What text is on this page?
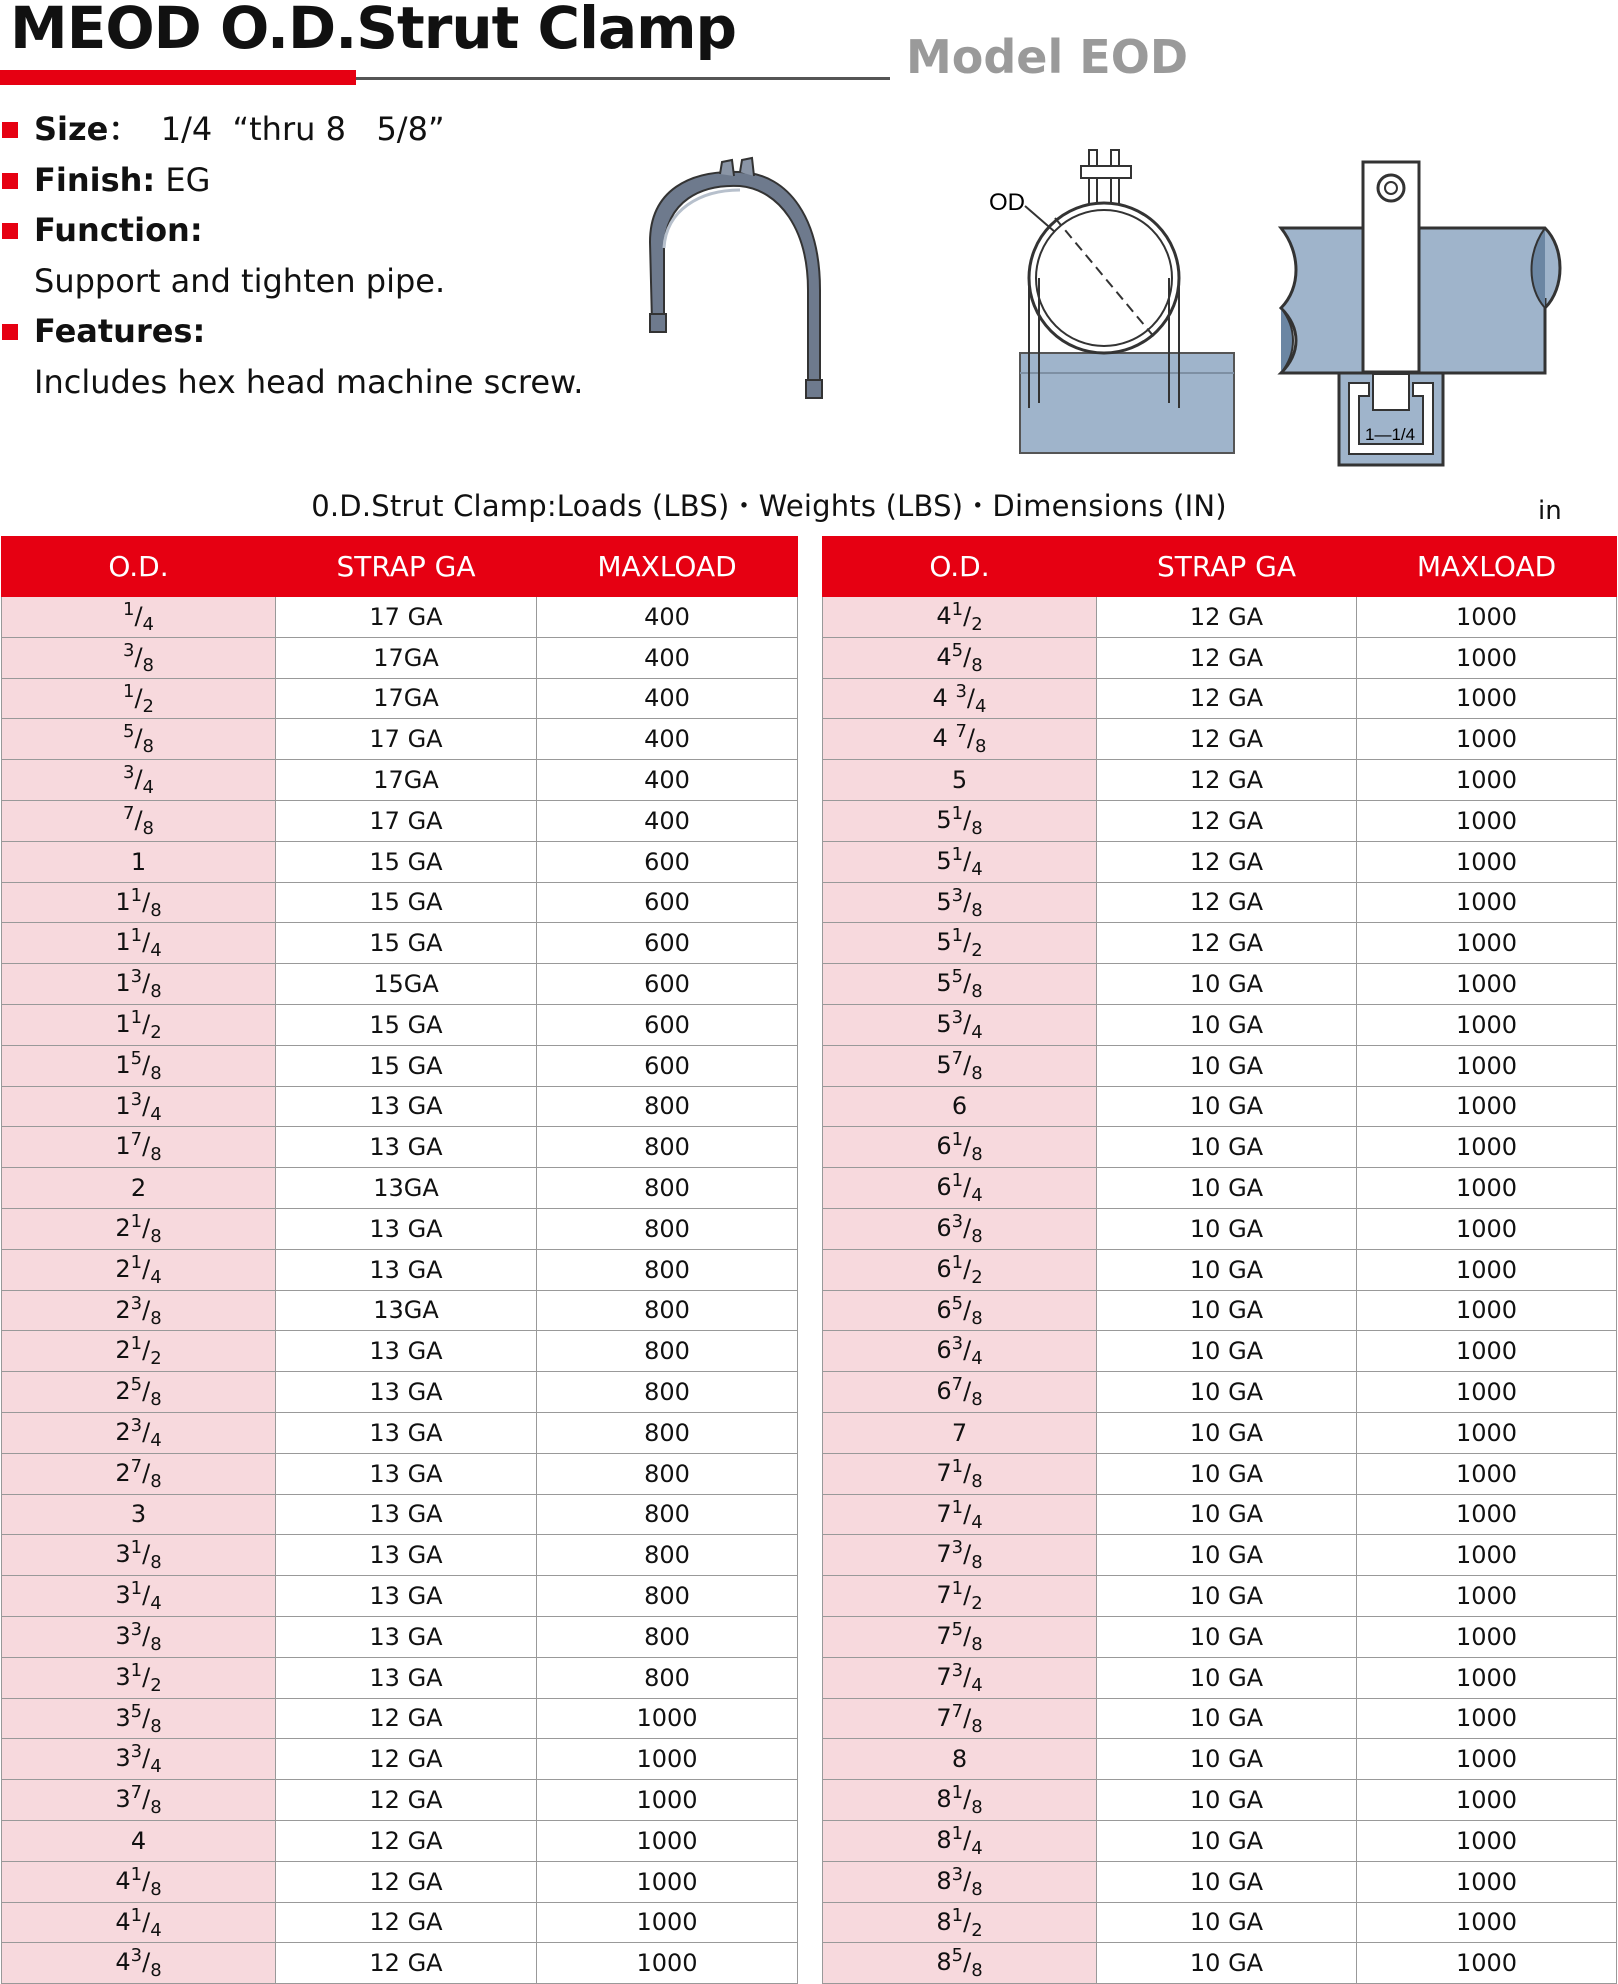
MEOD O.D.Strut Clamp	Model EOD
Size：  1/4  “thru 8   5/8”
Finish: EG
Function:
Support and tighten pipe.
Features:
Includes hex head machine screw.
OD
1—1/4
0.D.Strut Clamp:Loads (LBS)・Weights (LBS)・Dimensions (IN)	in
O.D.	STRAP GA	MAXLOAD
$^1/_4$	17 GA	400
$^3/_8$	17GA	400
$^1/_2$	17GA	400
$^5/_8$	17 GA	400
$^3/_4$	17GA	400
$^7/_8$	17 GA	400
1	15 GA	600
$1^1/_8$	15 GA	600
$1^1/_4$	15 GA	600
$1^3/_8$	15GA	600
$1^1/_2$	15 GA	600
$1^5/_8$	15 GA	600
$1^3/_4$	13 GA	800
$1^7/_8$	13 GA	800
2	13GA	800
$2^1/_8$	13 GA	800
$2^1/_4$	13 GA	800
$2^3/_8$	13GA	800
$2^1/_2$	13 GA	800
$2^5/_8$	13 GA	800
$2^3/_4$	13 GA	800
$2^7/_8$	13 GA	800
3	13 GA	800
$3^1/_8$	13 GA	800
$3^1/_4$	13 GA	800
$3^3/_8$	13 GA	800
$3^1/_2$	13 GA	800
$3^5/_8$	12 GA	1000
$3^3/_4$	12 GA	1000
$3^7/_8$	12 GA	1000
4	12 GA	1000
$4^1/_8$	12 GA	1000
$4^1/_4$	12 GA	1000
$4^3/_8$	12 GA	1000
O.D.	STRAP GA	MAXLOAD
$4^1/_2$	12 GA	1000
$4^5/_8$	12 GA	1000
4 $^3/_4$	12 GA	1000
4 $^7/_8$	12 GA	1000
5	12 GA	1000
$5^1/_8$	12 GA	1000
$5^1/_4$	12 GA	1000
$5^3/_8$	12 GA	1000
$5^1/_2$	12 GA	1000
$5^5/_8$	10 GA	1000
$5^3/_4$	10 GA	1000
$5^7/_8$	10 GA	1000
6	10 GA	1000
$6^1/_8$	10 GA	1000
$6^1/_4$	10 GA	1000
$6^3/_8$	10 GA	1000
$6^1/_2$	10 GA	1000
$6^5/_8$	10 GA	1000
$6^3/_4$	10 GA	1000
$6^7/_8$	10 GA	1000
7	10 GA	1000
$7^1/_8$	10 GA	1000
$7^1/_4$	10 GA	1000
$7^3/_8$	10 GA	1000
$7^1/_2$	10 GA	1000
$7^5/_8$	10 GA	1000
$7^3/_4$	10 GA	1000
$7^7/_8$	10 GA	1000
8	10 GA	1000
$8^1/_8$	10 GA	1000
$8^1/_4$	10 GA	1000
$8^3/_8$	10 GA	1000
$8^1/_2$	10 GA	1000
$8^5/_8$	10 GA	1000
